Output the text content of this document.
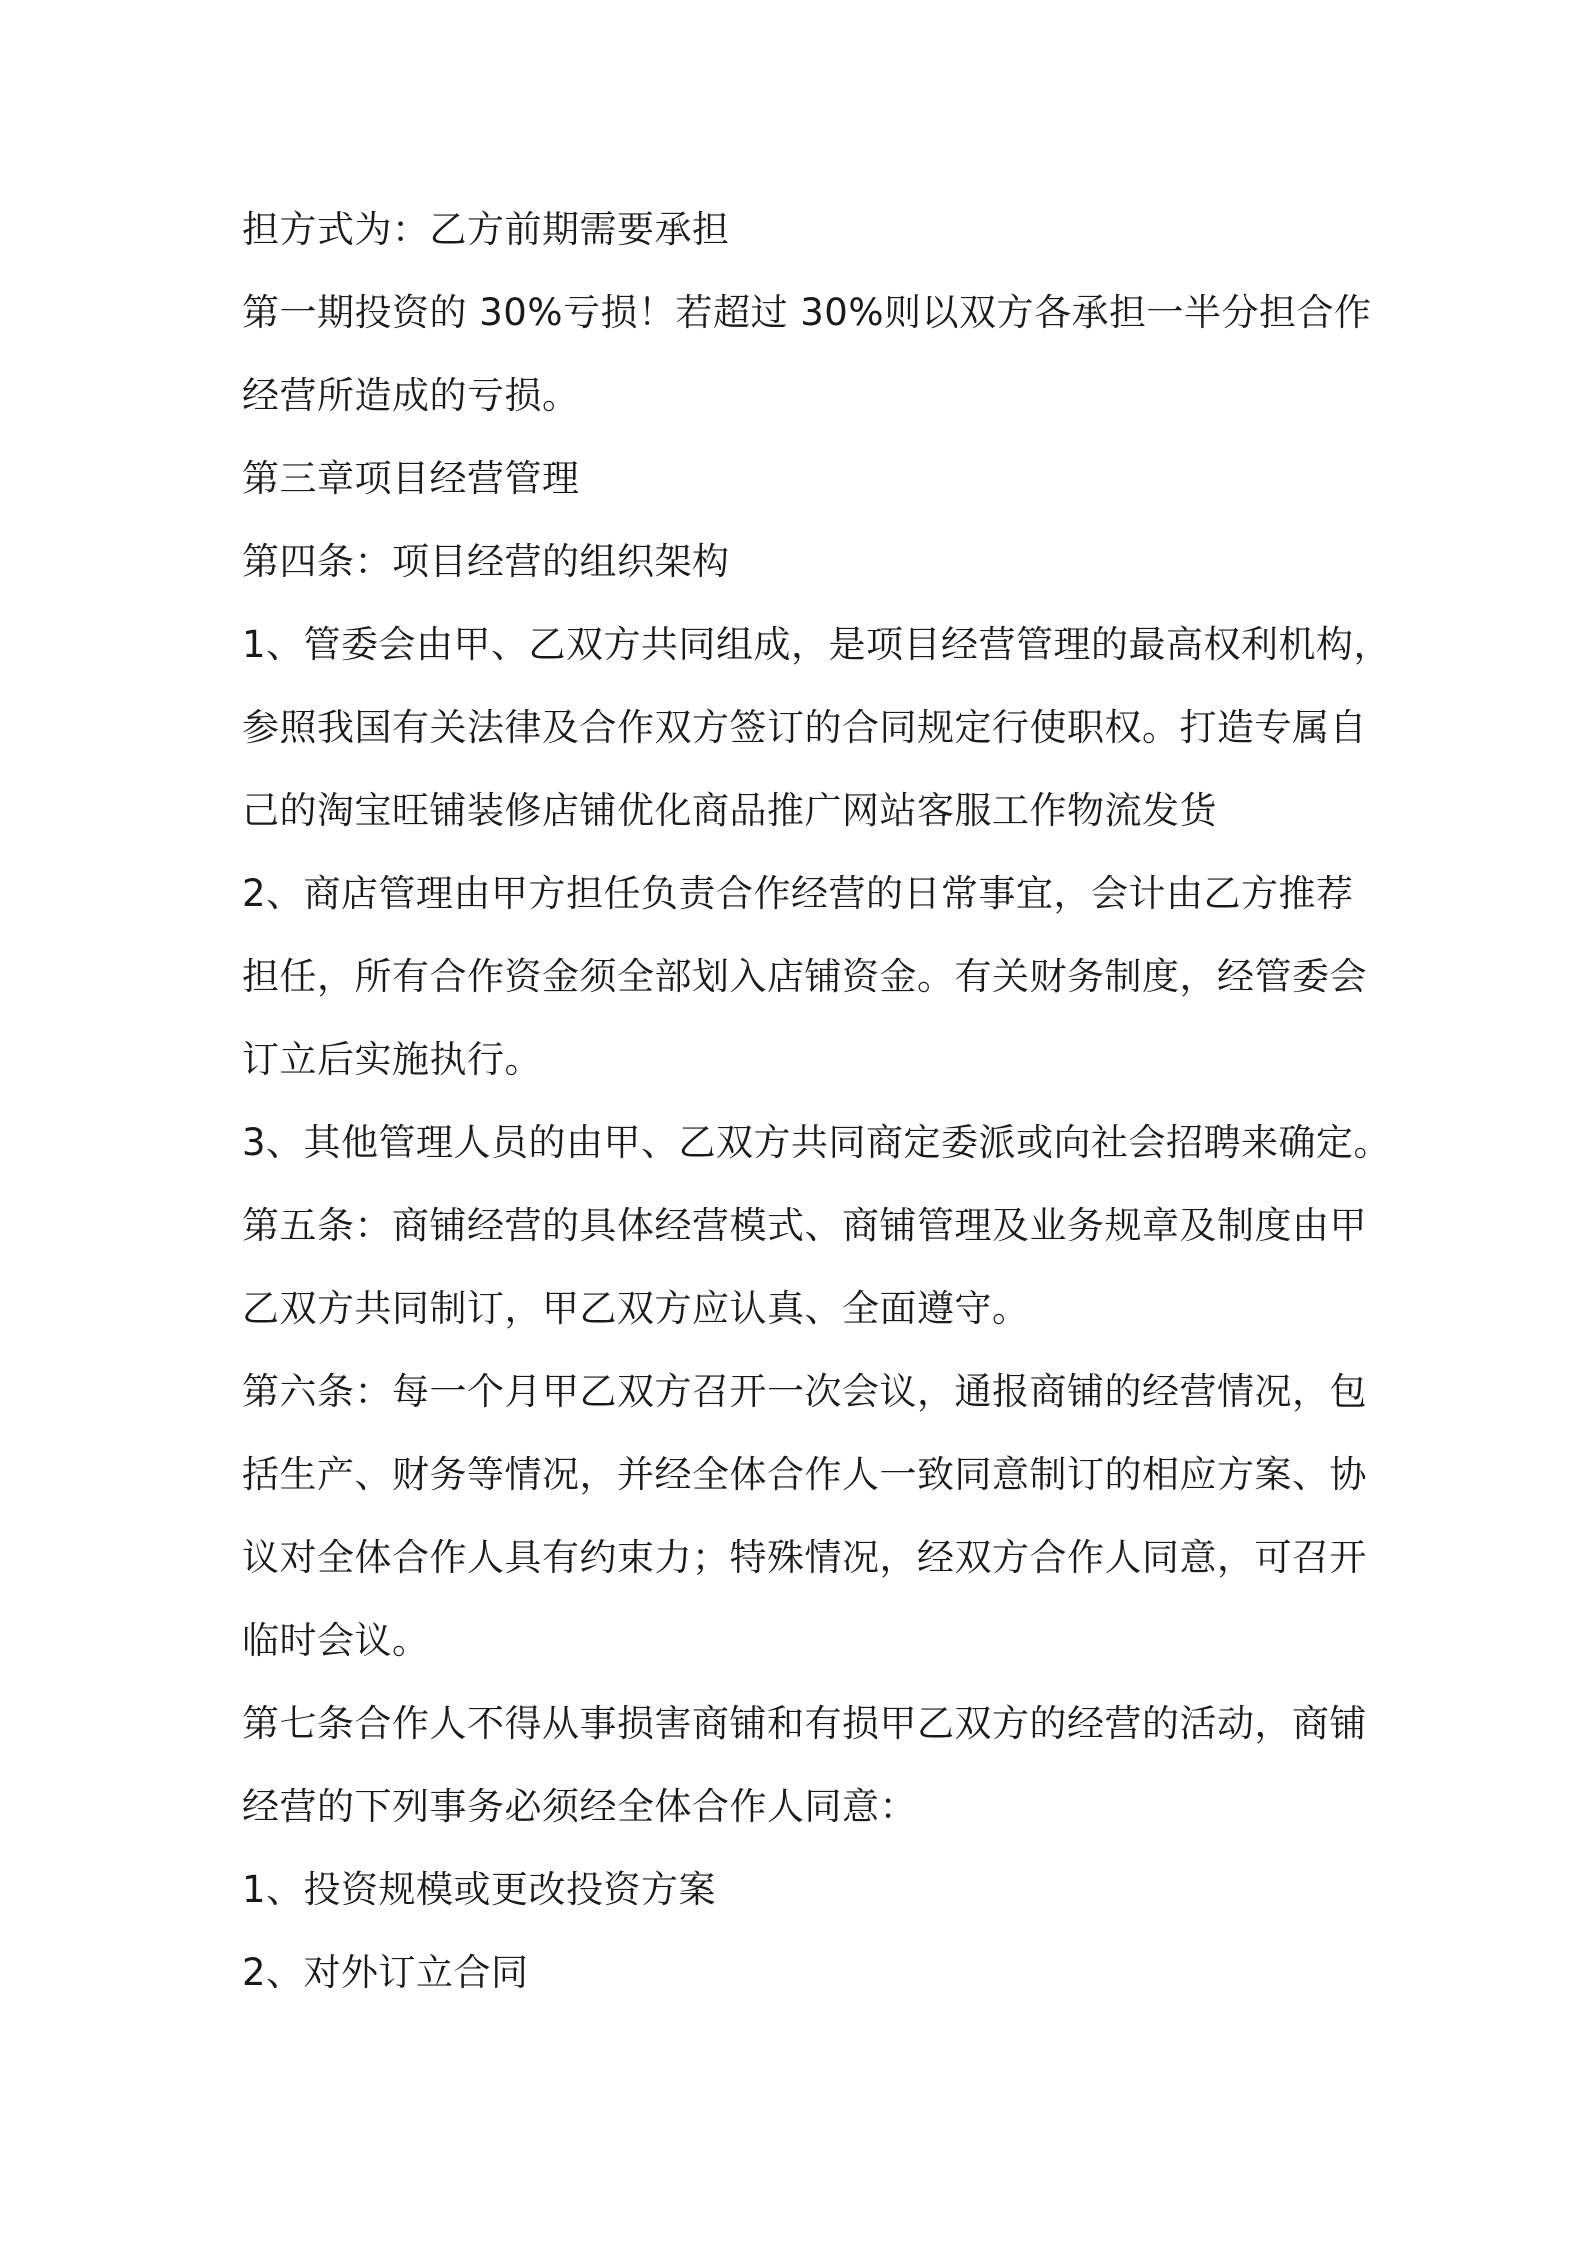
担方式为：乙方前期需要承担
第一期投资的 30%亏损！若超过 30%则以双方各承担一半分担合作
经营所造成的亏损。
第三章项目经营管理
第四条：项目经营的组织架构
1、管委会由甲、乙双方共同组成，是项目经营管理的最高权利机构，
参照我国有关法律及合作双方签订的合同规定行使职权。打造专属自
己的淘宝旺铺装修店铺优化商品推广网站客服工作物流发货
2、商店管理由甲方担任负责合作经营的日常事宜，会计由乙方推荐
担任，所有合作资金须全部划入店铺资金。有关财务制度，经管委会
订立后实施执行。
3、其他管理人员的由甲、乙双方共同商定委派或向社会招聘来确定。
第五条：商铺经营的具体经营模式、商铺管理及业务规章及制度由甲
乙双方共同制订，甲乙双方应认真、全面遵守。
第六条：每一个月甲乙双方召开一次会议，通报商铺的经营情况，包
括生产、财务等情况，并经全体合作人一致同意制订的相应方案、协
议对全体合作人具有约束力；特殊情况，经双方合作人同意，可召开
临时会议。
第七条合作人不得从事损害商铺和有损甲乙双方的经营的活动，商铺
经营的下列事务必须经全体合作人同意：
1、投资规模或更改投资方案
2、对外订立合同
